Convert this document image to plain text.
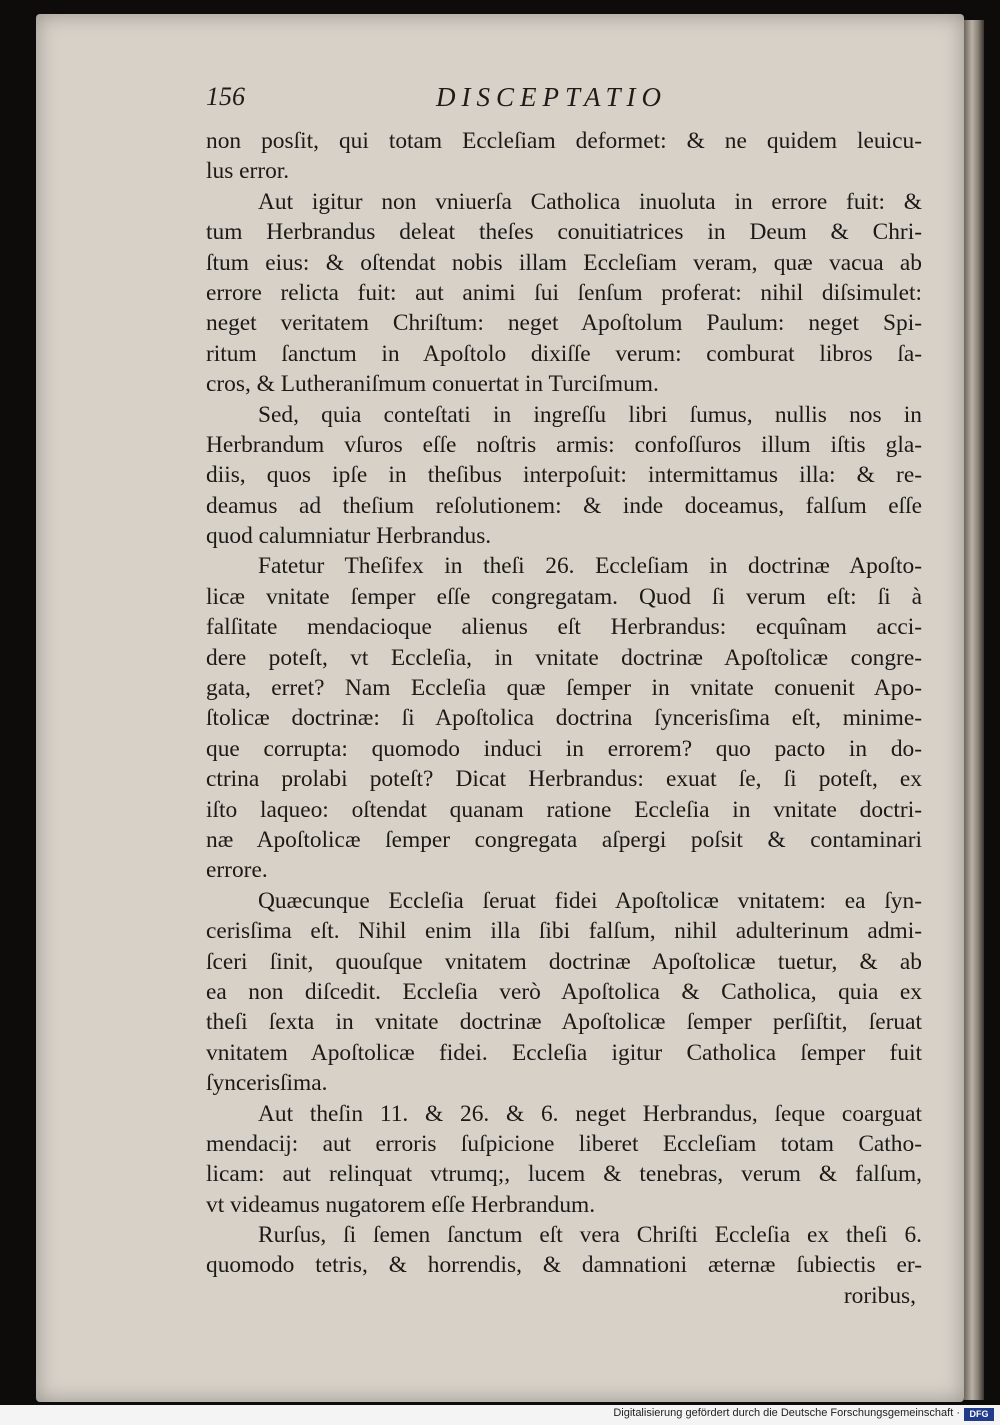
156	DISCEPTATIO
non posſit, qui totam Eccleſiam deformet: & ne quidem leuicu-
lus error.
Aut igitur non vniuerſa Catholica inuoluta in errore fuit: &
tum Herbrandus deleat theſes conuitiatrices in Deum & Chri-
ſtum eius: & oſtendat nobis illam Eccleſiam veram, quæ vacua ab
errore relicta fuit: aut animi ſui ſenſum proferat: nihil diſsimulet:
neget veritatem Chriſtum: neget Apoſtolum Paulum: neget Spi-
ritum ſanctum in Apoſtolo dixiſſe verum: comburat libros ſa-
cros, & Lutheraniſmum conuertat in Turciſmum.
Sed, quia conteſtati in ingreſſu libri ſumus, nullis nos in
Herbrandum vſuros eſſe noſtris armis: confoſſuros illum iſtis gla-
diis, quos ipſe in theſibus interpoſuit: intermittamus illa: & re-
deamus ad theſium reſolutionem: & inde doceamus, falſum eſſe
quod calumniatur Herbrandus.
Fatetur Theſifex in theſi 26. Eccleſiam in doctrinæ Apoſto-
licæ vnitate ſemper eſſe congregatam. Quod ſi verum eſt: ſi à
falſitate mendacioque alienus eſt Herbrandus: ecquînam acci-
dere poteſt, vt Eccleſia, in vnitate doctrinæ Apoſtolicæ congre-
gata, erret? Nam Eccleſia quæ ſemper in vnitate conuenit Apo-
ſtolicæ doctrinæ: ſi Apoſtolica doctrina ſyncerisſima eſt, minime-
que corrupta: quomodo induci in errorem? quo pacto in do-
ctrina prolabi poteſt? Dicat Herbrandus: exuat ſe, ſi poteſt, ex
iſto laqueo: oſtendat quanam ratione Eccleſia in vnitate doctri-
næ Apoſtolicæ ſemper congregata aſpergi poſsit & contaminari
errore.
Quæcunque Eccleſia ſeruat fidei Apoſtolicæ vnitatem: ea ſyn-
cerisſima eſt. Nihil enim illa ſibi falſum, nihil adulterinum admi-
ſceri ſinit, quouſque vnitatem doctrinæ Apoſtolicæ tuetur, & ab
ea non diſcedit. Eccleſia verò Apoſtolica & Catholica, quia ex
theſi ſexta in vnitate doctrinæ Apoſtolicæ ſemper perſiſtit, ſeruat
vnitatem Apoſtolicæ fidei. Eccleſia igitur Catholica ſemper fuit
ſyncerisſima.
Aut theſin 11. & 26. & 6. neget Herbrandus, ſeque coarguat
mendacij: aut erroris ſuſpicione liberet Eccleſiam totam Catho-
licam: aut relinquat vtrumq;, lucem & tenebras, verum & falſum,
vt videamus nugatorem eſſe Herbrandum.
Rurſus, ſi ſemen ſanctum eſt vera Chriſti Eccleſia ex theſi 6.
quomodo tetris, & horrendis, & damnationi æternæ ſubiectis er-
roribus,
Digitalisierung gefördert durch die Deutsche Forschungsgemeinschaft ·	DFG
